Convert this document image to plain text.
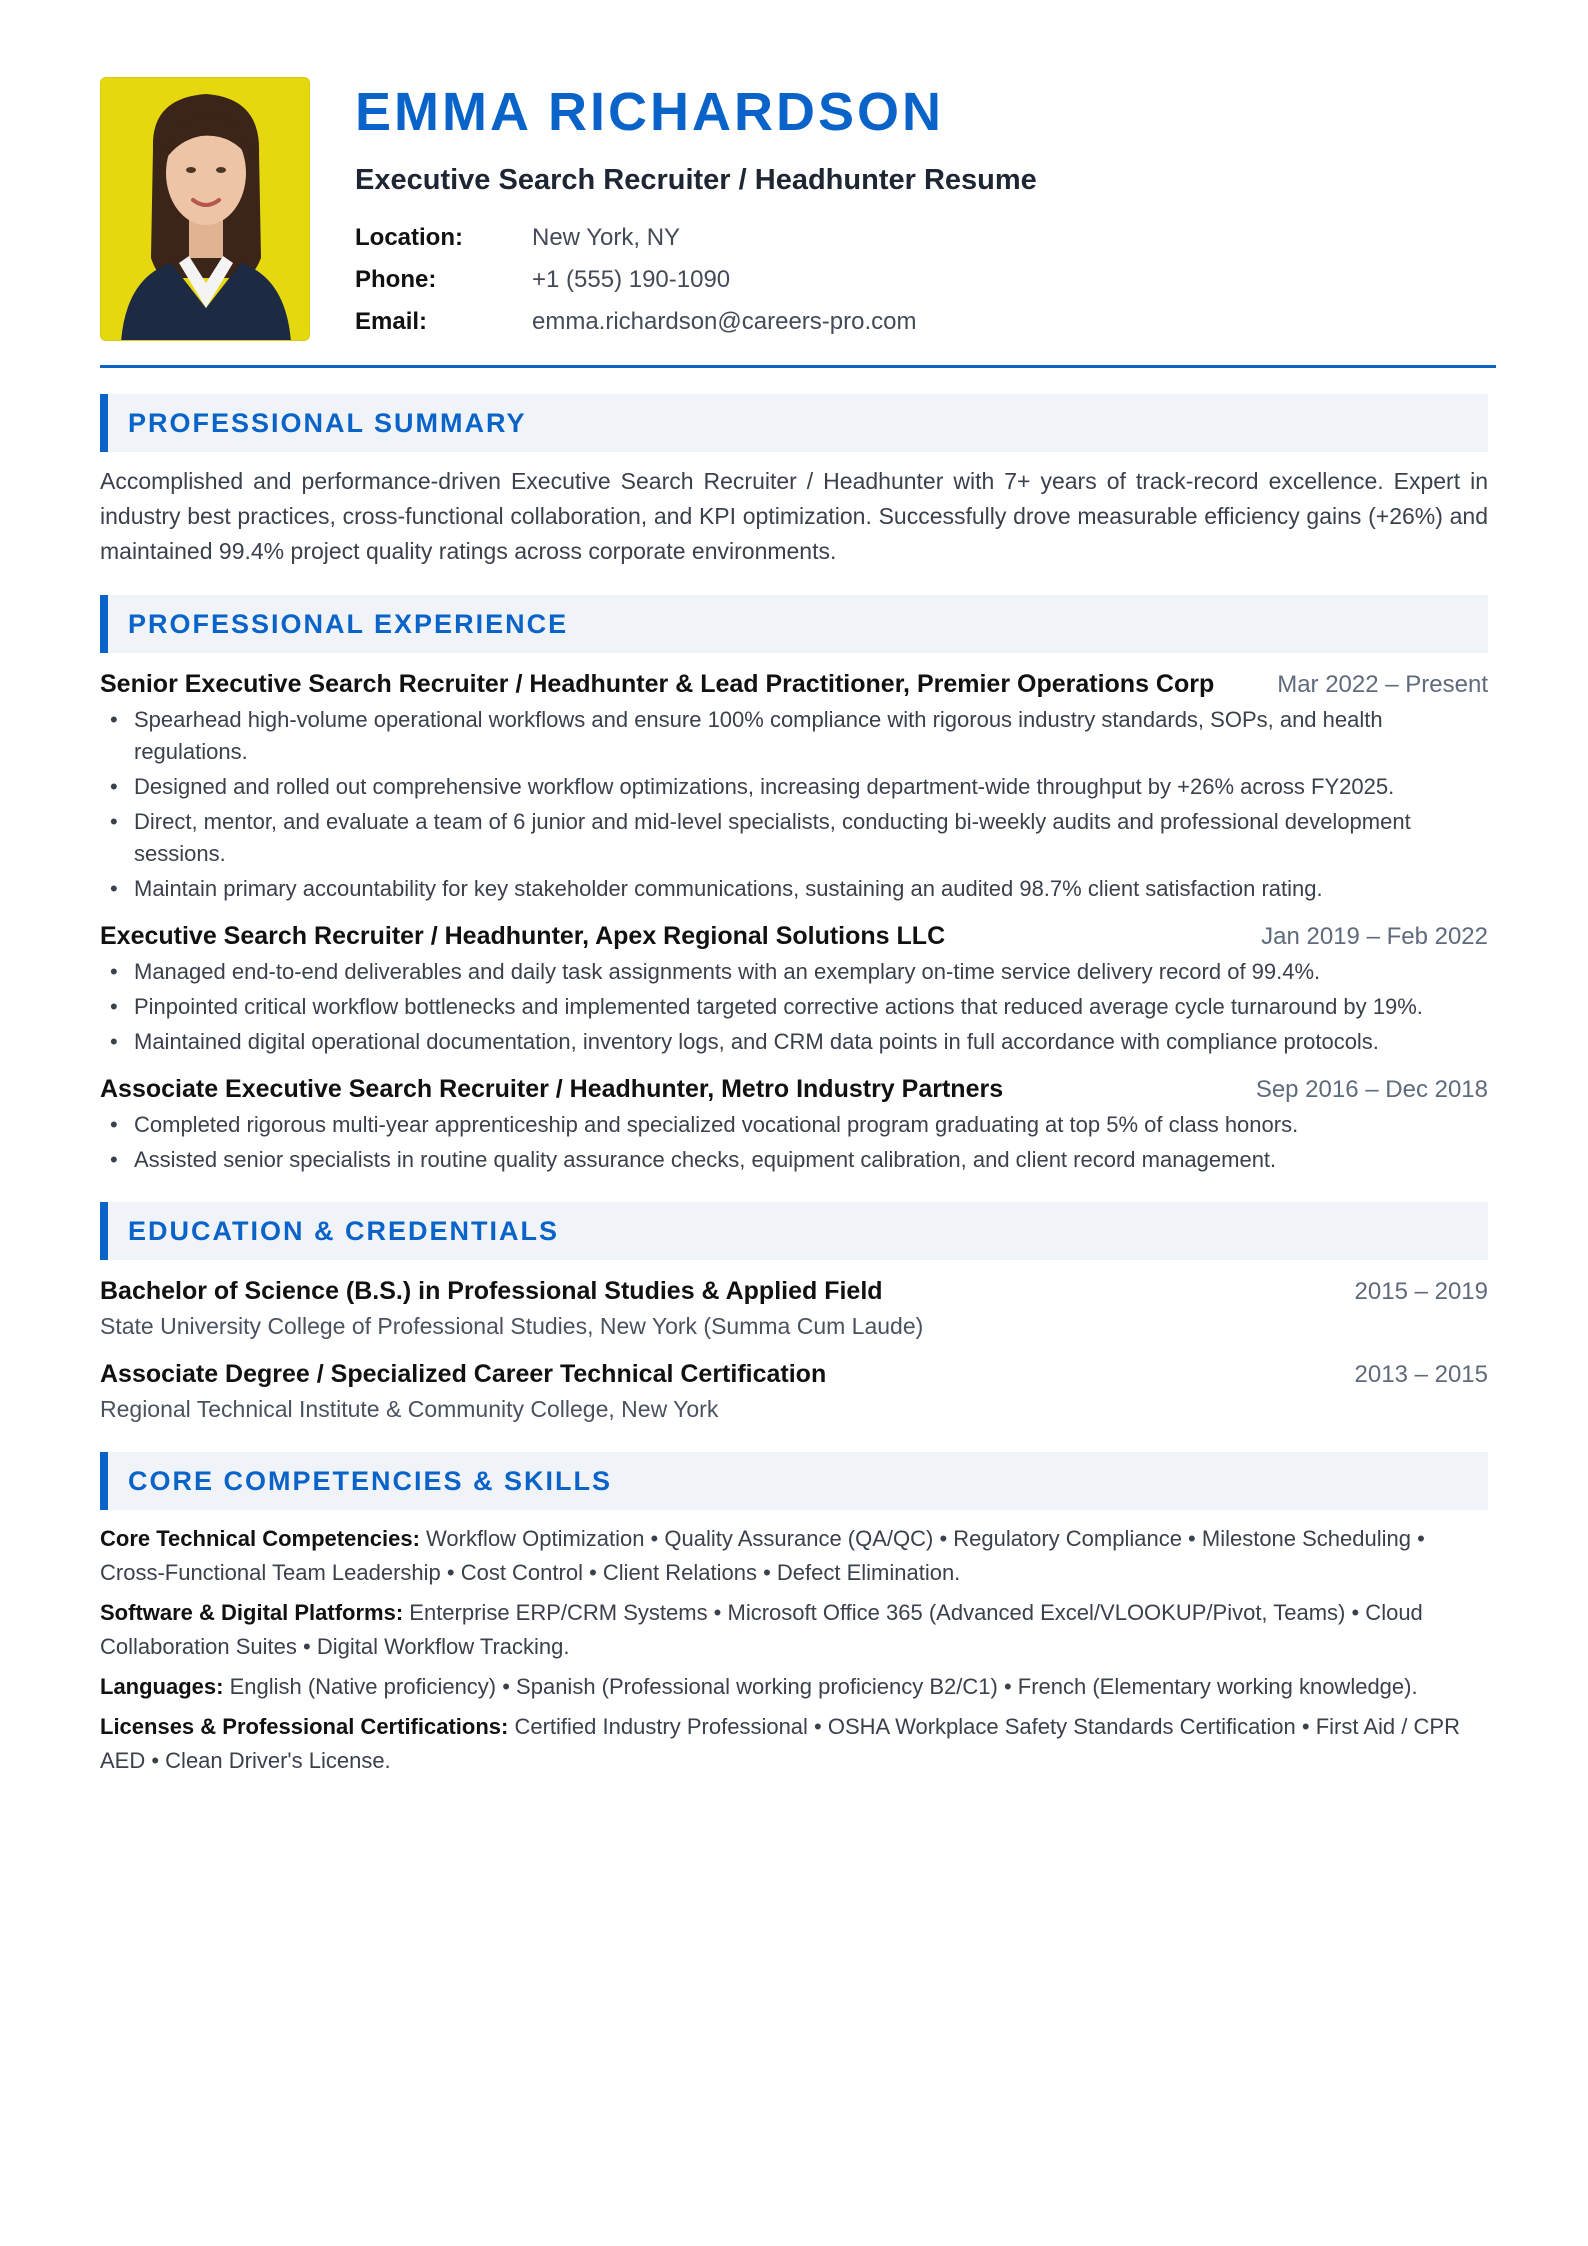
EMMA RICHARDSON
Executive Search Recruiter / Headhunter Resume
Location:	New York, NY
Phone:	+1 (555) 190-1090
Email:	emma.richardson@careers-pro.com
PROFESSIONAL SUMMARY

Accomplished and performance-driven Executive Search Recruiter / Headhunter with 7+ years of track-record excellence. Expert in industry best practices, cross-functional collaboration, and KPI optimization. Successfully drove measurable efficiency gains (+26%) and maintained 99.4% project quality ratings across corporate environments.

PROFESSIONAL EXPERIENCE
Senior Executive Search Recruiter / Headhunter & Lead Practitioner, Premier Operations Corp	Mar 2022 – Present
• Spearhead high-volume operational workflows and ensure 100% compliance with rigorous industry standards, SOPs, and health regulations.
• Designed and rolled out comprehensive workflow optimizations, increasing department-wide throughput by +26% across FY2025.
• Direct, mentor, and evaluate a team of 6 junior and mid-level specialists, conducting bi-weekly audits and professional development sessions.
• Maintain primary accountability for key stakeholder communications, sustaining an audited 98.7% client satisfaction rating.
Executive Search Recruiter / Headhunter, Apex Regional Solutions LLC	Jan 2019 – Feb 2022
• Managed end-to-end deliverables and daily task assignments with an exemplary on-time service delivery record of 99.4%.
• Pinpointed critical workflow bottlenecks and implemented targeted corrective actions that reduced average cycle turnaround by 19%.
• Maintained digital operational documentation, inventory logs, and CRM data points in full accordance with compliance protocols.
Associate Executive Search Recruiter / Headhunter, Metro Industry Partners	Sep 2016 – Dec 2018
• Completed rigorous multi-year apprenticeship and specialized vocational program graduating at top 5% of class honors.
• Assisted senior specialists in routine quality assurance checks, equipment calibration, and client record management.
EDUCATION & CREDENTIALS
Bachelor of Science (B.S.) in Professional Studies & Applied Field	2015 – 2019
State University College of Professional Studies, New York (Summa Cum Laude)
Associate Degree / Specialized Career Technical Certification	2013 – 2015
Regional Technical Institute & Community College, New York
CORE COMPETENCIES & SKILLS

Core Technical Competencies: Workflow Optimization • Quality Assurance (QA/QC) • Regulatory Compliance • Milestone Scheduling • Cross-Functional Team Leadership • Cost Control • Client Relations • Defect Elimination.

Software & Digital Platforms: Enterprise ERP/CRM Systems • Microsoft Office 365 (Advanced Excel/VLOOKUP/Pivot, Teams) • Cloud Collaboration Suites • Digital Workflow Tracking.

Languages: English (Native proficiency) • Spanish (Professional working proficiency B2/C1) • French (Elementary working knowledge).

Licenses & Professional Certifications: Certified Industry Professional • OSHA Workplace Safety Standards Certification • First Aid / CPR AED • Clean Driver's License.
